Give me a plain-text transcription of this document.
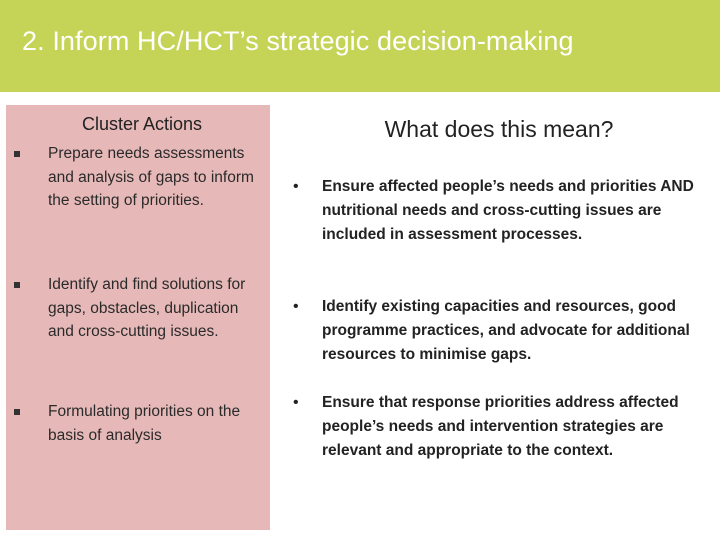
2. Inform HC/HCT’s strategic decision-making
Cluster Actions
Prepare needs assessments and analysis of gaps to inform the setting of priorities.
Identify and find solutions for gaps, obstacles, duplication and cross-cutting issues.
Formulating priorities on the basis of analysis
What does this mean?
• Ensure affected people’s needs and priorities AND nutritional needs and cross-cutting issues are included in assessment processes.
• Identify existing capacities and resources, good programme practices, and advocate for additional resources to minimise gaps.
• Ensure that response priorities address affected people’s needs and intervention strategies are relevant and appropriate to the context.
